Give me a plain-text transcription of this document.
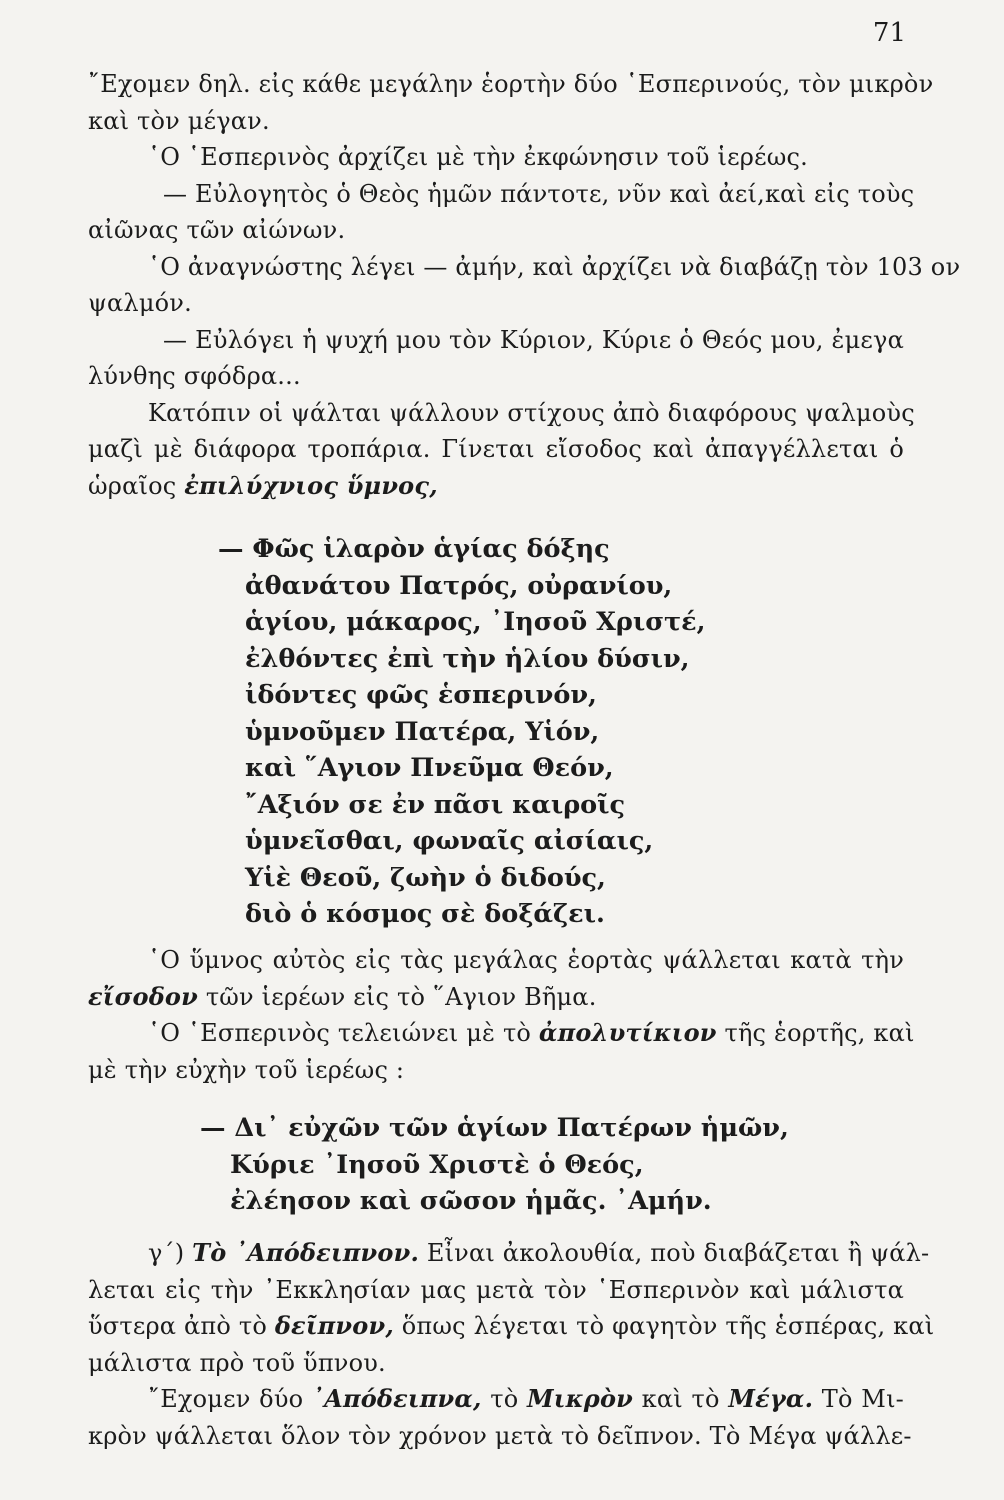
71
῎Εχομεν δηλ. εἰς κάθε μεγάλην ἑορτὴν δύο ῾Εσπερινούς, τὸν μικρὸν
καὶ τὸν μέγαν.
῾Ο ῾Εσπερινὸς ἀρχίζει μὲ τὴν ἐκφώνησιν τοῦ ἱερέως.
— Εὐλογητὸς ὁ Θεὸς ἡμῶν πάντοτε, νῦν καὶ ἀεί,καὶ εἰς τοὺς
αἰῶνας τῶν αἰώνων.
῾Ο ἀναγνώστης λέγει — ἀμήν, καὶ ἀρχίζει νὰ διαβάζῃ τὸν 103 ον
ψαλμόν.
— Εὐλόγει ἡ ψυχή μου τὸν Κύριον, Κύριε ὁ Θεός μου, ἐμεγα
λύνθης σφόδρα...
Κατόπιν οἱ ψάλται ψάλλουν στίχους ἀπὸ διαφόρους ψαλμοὺς
μαζὶ μὲ διάφορα τροπάρια. Γίνεται εἴσοδος καὶ ἀπαγγέλλεται ὁ
ὡραῖος ἐπιλύχνιος ὕμνος,
— Φῶς ἱλαρὸν ἁγίας δόξης
ἀθανάτου Πατρός, οὐρανίου,
ἁγίου, μάκαρος, ᾿Ιησοῦ Χριστέ,
ἐλθόντες ἐπὶ τὴν ἡλίου δύσιν,
ἰδόντες φῶς ἑσπερινόν,
ὑμνοῦμεν Πατέρα, Υἱόν,
καὶ ῞Αγιον Πνεῦμα Θεόν,
῎Αξιόν σε ἐν πᾶσι καιροῖς
ὑμνεῖσθαι, φωναῖς αἰσίαις,
Υἱὲ Θεοῦ, ζωὴν ὁ διδούς,
διὸ ὁ κόσμος σὲ δοξάζει.
῾Ο ὕμνος αὐτὸς εἰς τὰς μεγάλας ἑορτὰς ψάλλεται κατὰ τὴν
εἴσοδον τῶν ἱερέων εἰς τὸ ῞Αγιον Βῆμα.
῾Ο ῾Εσπερινὸς τελειώνει μὲ τὸ ἀπολυτίκιον τῆς ἑορτῆς, καὶ
μὲ τὴν εὐχὴν τοῦ ἱερέως :
— Δι᾿ εὐχῶν τῶν ἁγίων Πατέρων ἡμῶν,
Κύριε ᾿Ιησοῦ Χριστὲ ὁ Θεός,
ἐλέησον καὶ σῶσον ἡμᾶς. ᾿Αμήν.
γ΄) Τὸ ᾿Απόδειπνον. Εἶναι ἀκολουθία, ποὺ διαβάζεται ἢ ψάλ-
λεται εἰς τὴν ᾿Εκκλησίαν μας μετὰ τὸν ῾Εσπερινὸν καὶ μάλιστα
ὕστερα ἀπὸ τὸ δεῖπνον, ὅπως λέγεται τὸ φαγητὸν τῆς ἑσπέρας, καὶ
μάλιστα πρὸ τοῦ ὕπνου.
῎Εχομεν δύο ᾿Απόδειπνα, τὸ Μικρὸν καὶ τὸ Μέγα. Τὸ Μι-
κρὸν ψάλλεται ὅλον τὸν χρόνον μετὰ τὸ δεῖπνον. Τὸ Μέγα ψάλλε-
